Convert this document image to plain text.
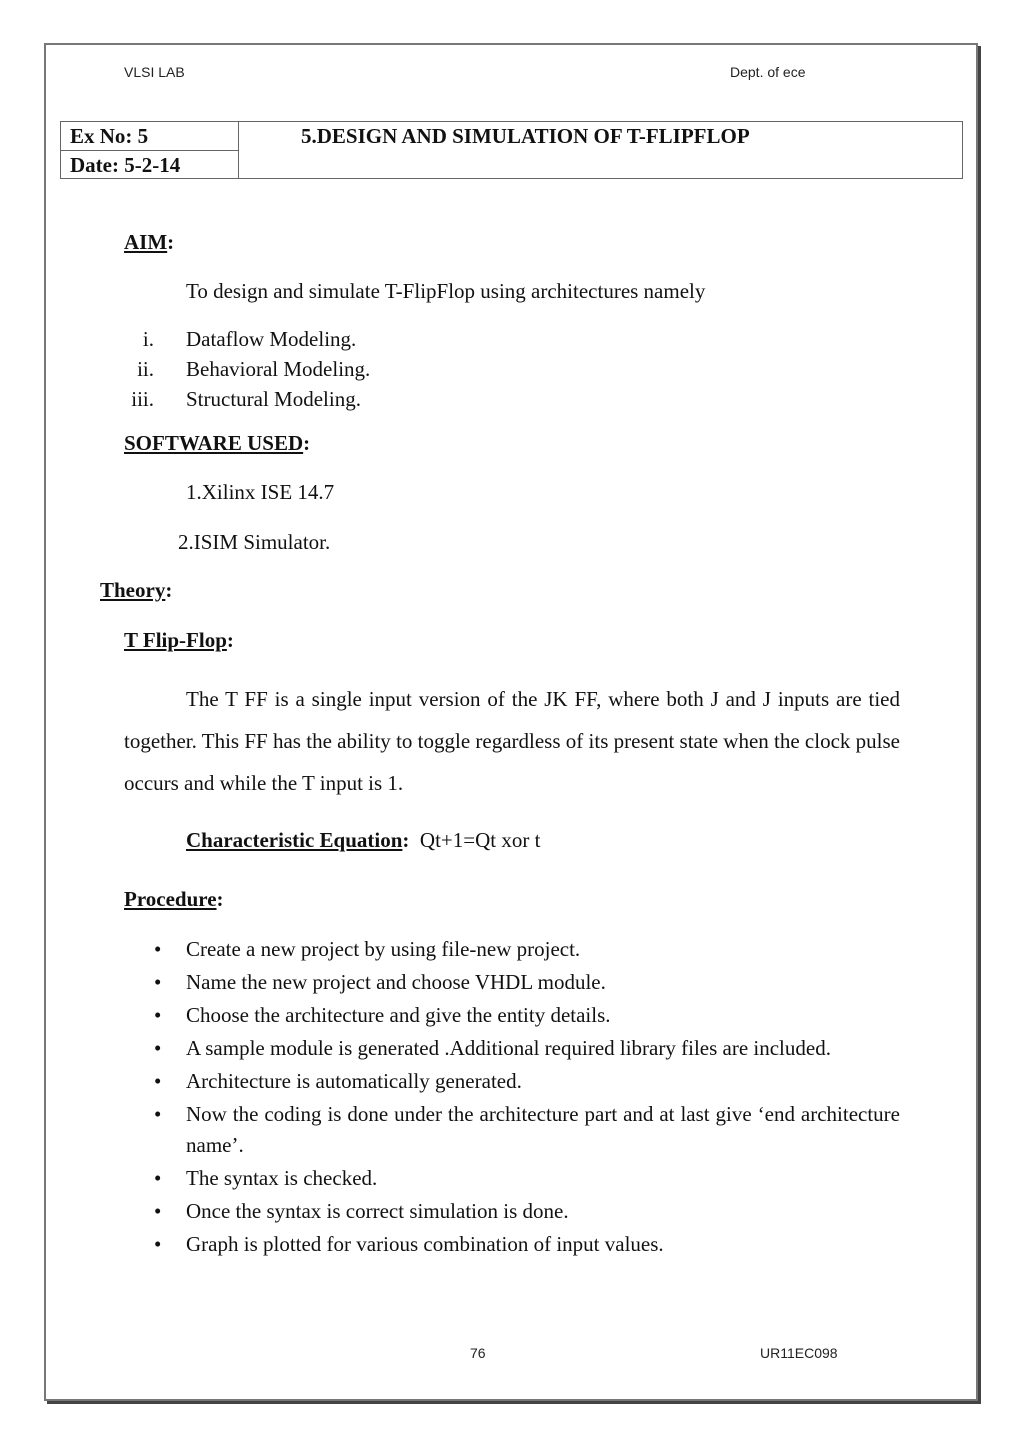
VLSI LAB	Dept. of ece
Ex No: 5
Date: 5-2-14
5.DESIGN AND SIMULATION OF T-FLIPFLOP
AIM:
To design and simulate T-FlipFlop using architectures namely
i. Dataflow Modeling.
ii. Behavioral Modeling.
iii. Structural Modeling.
SOFTWARE USED:
1.Xilinx ISE 14.7
2.ISIM Simulator.
Theory:
T Flip-Flop:
The T FF is a single input version of the JK FF, where both J and J inputs are tied together. This FF has the ability to toggle regardless of its present state when the clock pulse occurs and while the T input is 1.
Characteristic Equation: Qt+1=Qt xor t
Procedure:
• Create a new project by using file-new project.
• Name the new project and choose VHDL module.
• Choose the architecture and give the entity details.
• A sample module is generated .Additional required library files are included.
• Architecture is automatically generated.
• Now the coding is done under the architecture part and at last give ‘end architecture name’.
• The syntax is checked.
• Once the syntax is correct simulation is done.
• Graph is plotted for various combination of input values.
76	UR11EC098
